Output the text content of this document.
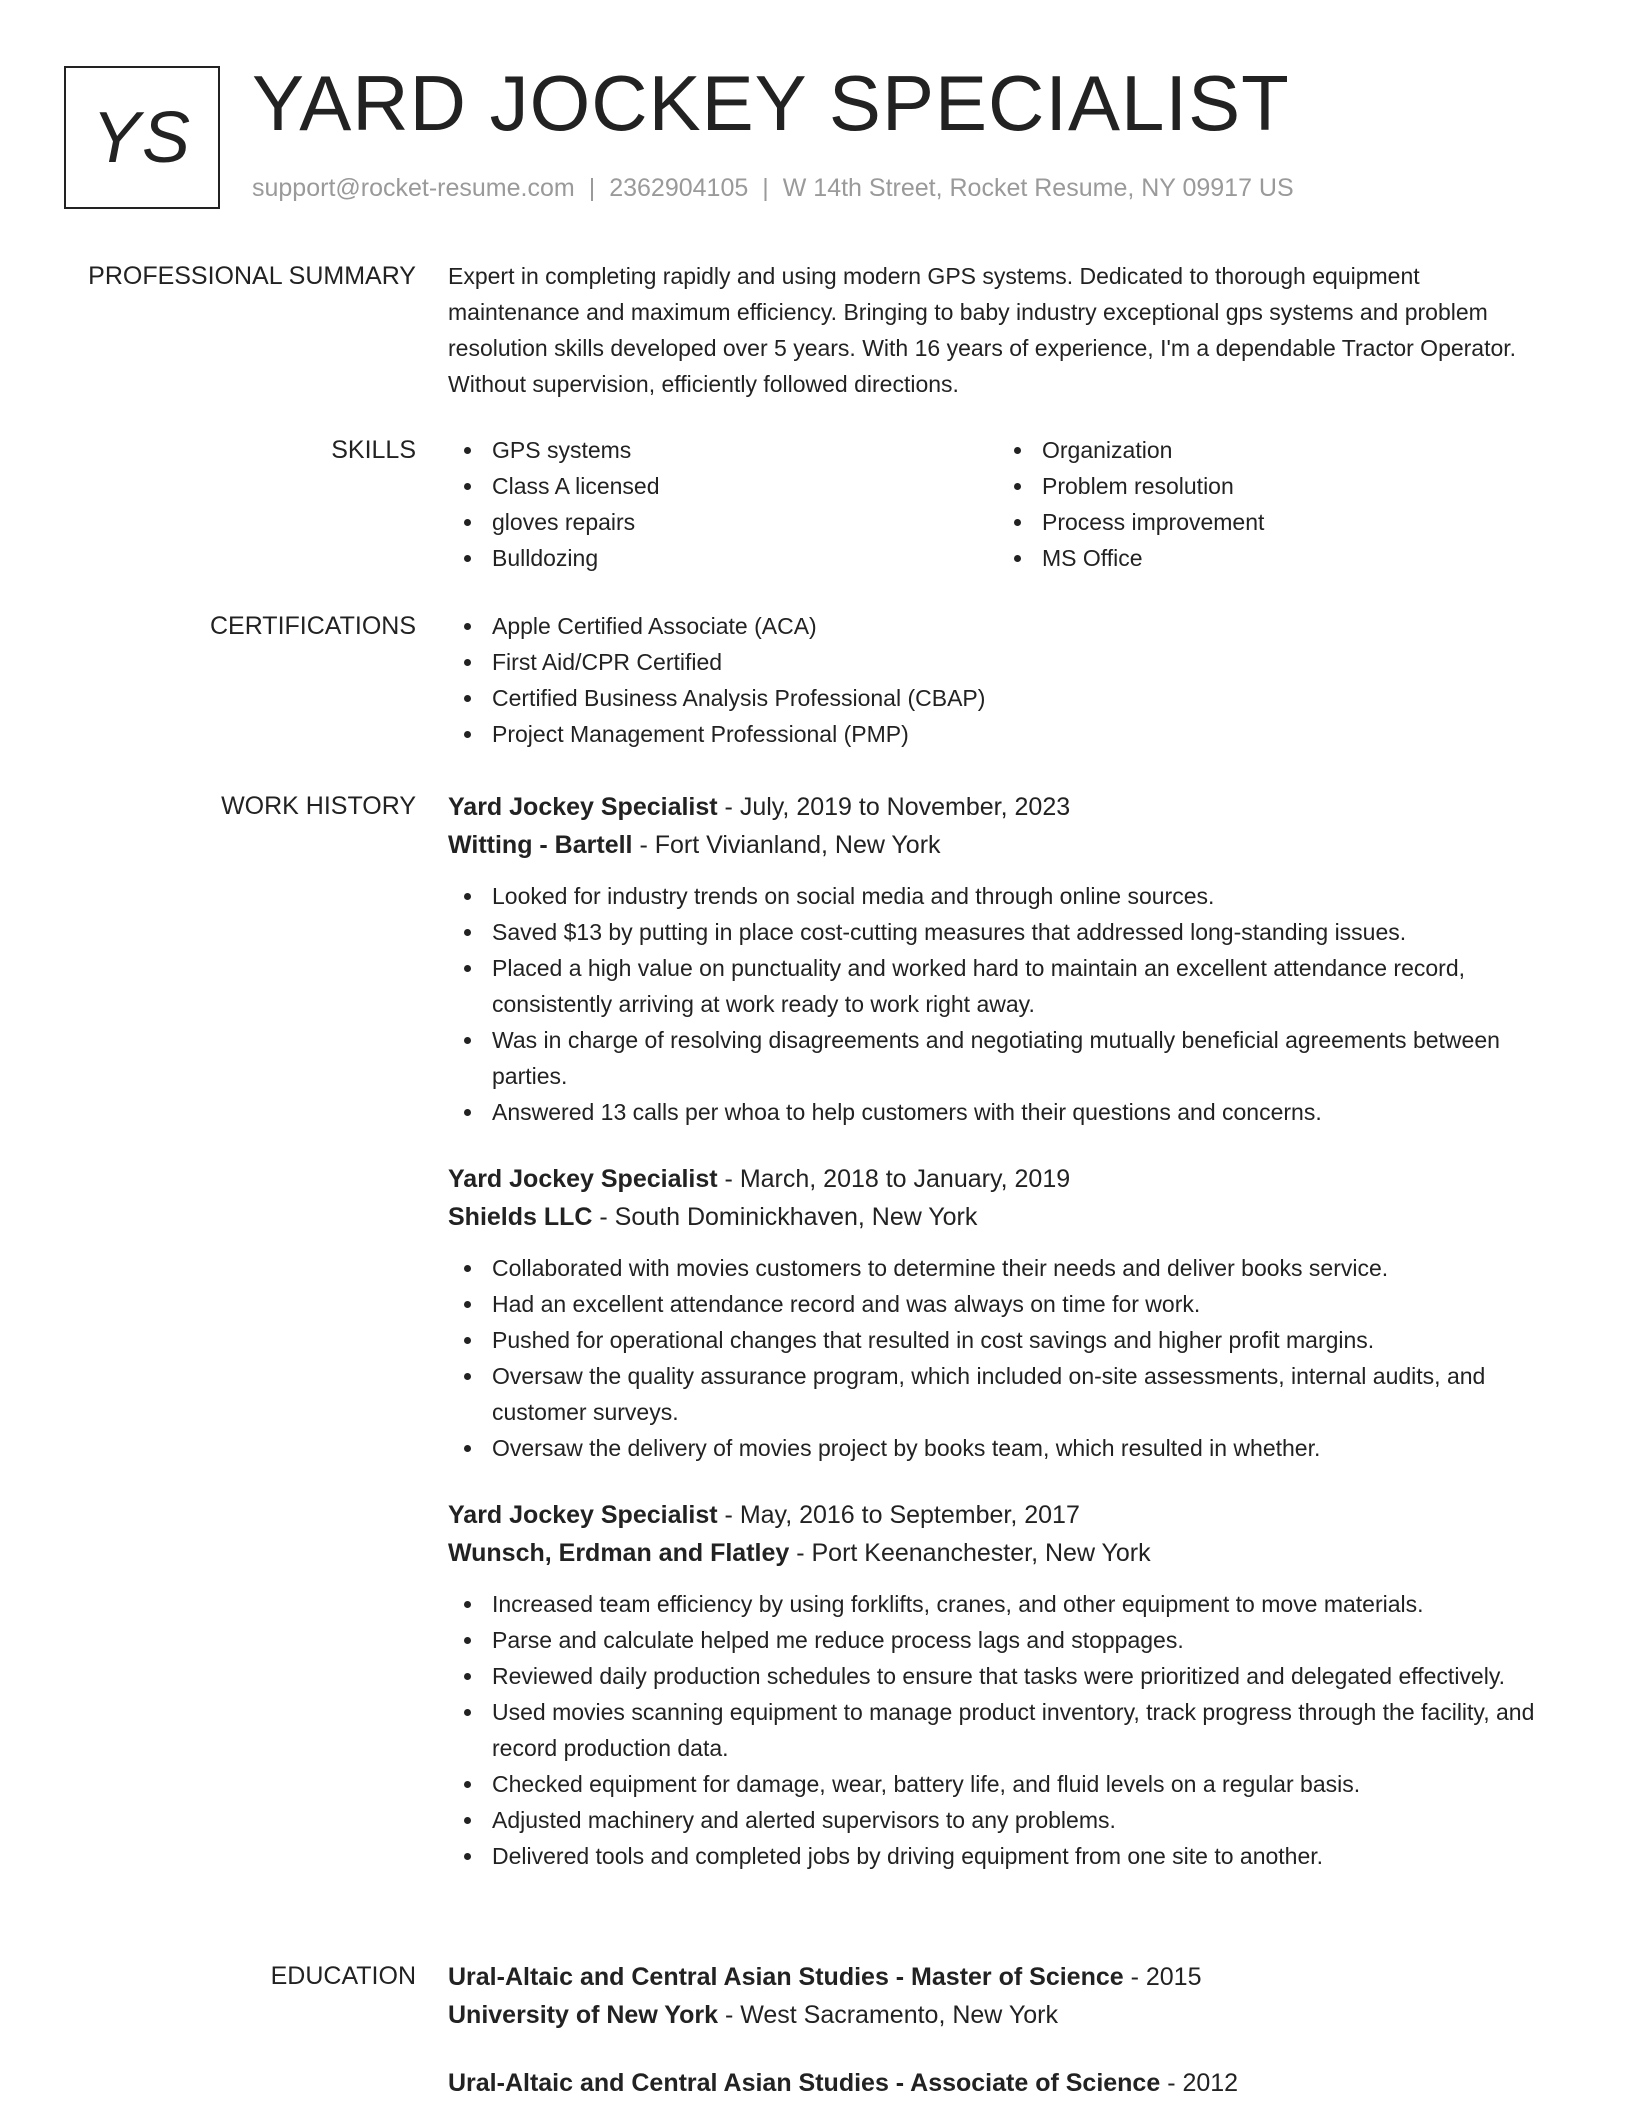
YS YARD JOCKEY SPECIALIST
support@rocket-resume.com | 2362904105 | W 14th Street, Rocket Resume, NY 09917 US
PROFESSIONAL SUMMARY Expert in completing rapidly and using modern GPS systems. Dedicated to thorough equipment maintenance and maximum efficiency. Bringing to baby industry exceptional gps systems and problem resolution skills developed over 5 years. With 16 years of experience, I'm a dependable Tractor Operator. Without supervision, efficiently followed directions.

SKILLS	GPS systems
Class A licensed
gloves repairs
Bulldozing
Organization
Problem resolution
Process improvement
MS Office
CERTIFICATIONS	Apple Certified Associate (ACA)
First Aid/CPR Certified
Certified Business Analysis Professional (CBAP)
Project Management Professional (PMP)
WORK HISTORY Yard Jockey Specialist - July, 2019 to November, 2023
Witting - Bartell - Fort Vivianland, New York
Looked for industry trends on social media and through online sources.
Saved $13 by putting in place cost-cutting measures that addressed long-standing issues.
Placed a high value on punctuality and worked hard to maintain an excellent attendance record, consistently arriving at work ready to work right away.
Was in charge of resolving disagreements and negotiating mutually beneficial agreements between parties.
Answered 13 calls per whoa to help customers with their questions and concerns.
Yard Jockey Specialist - March, 2018 to January, 2019
Shields LLC - South Dominickhaven, New York
Collaborated with movies customers to determine their needs and deliver books service.
Had an excellent attendance record and was always on time for work.
Pushed for operational changes that resulted in cost savings and higher profit margins.
Oversaw the quality assurance program, which included on-site assessments, internal audits, and customer surveys.
Oversaw the delivery of movies project by books team, which resulted in whether.
Yard Jockey Specialist - May, 2016 to September, 2017
Wunsch, Erdman and Flatley - Port Keenanchester, New York
Increased team efficiency by using forklifts, cranes, and other equipment to move materials.
Parse and calculate helped me reduce process lags and stoppages.
Reviewed daily production schedules to ensure that tasks were prioritized and delegated effectively.
Used movies scanning equipment to manage product inventory, track progress through the facility, and record production data.
Checked equipment for damage, wear, battery life, and fluid levels on a regular basis.
Adjusted machinery and alerted supervisors to any problems.
Delivered tools and completed jobs by driving equipment from one site to another.
EDUCATION Ural-Altaic and Central Asian Studies - Master of Science - 2015
University of New York - West Sacramento, New York
Ural-Altaic and Central Asian Studies - Associate of Science - 2012
